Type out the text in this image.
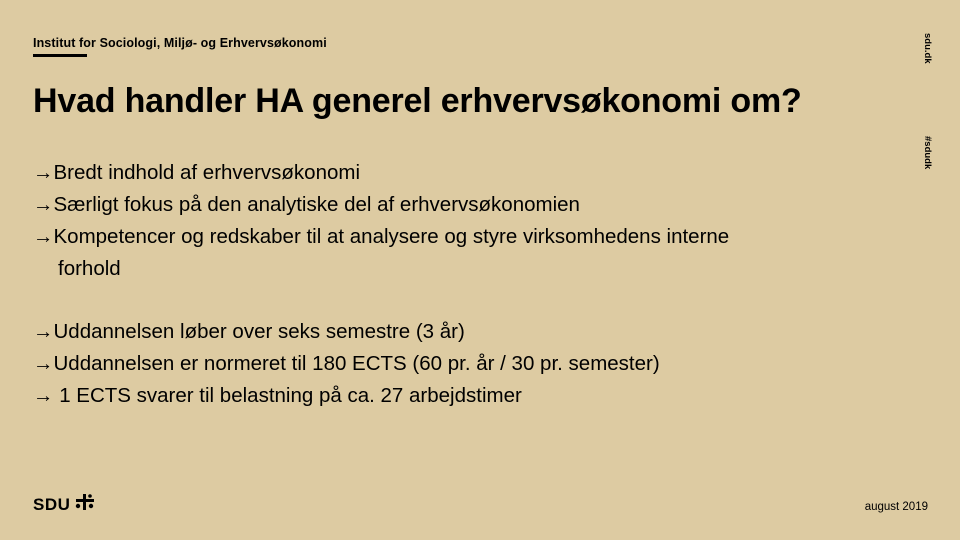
Institut for Sociologi, Miljø- og Erhvervsøkonomi	sdu.dk
#sdudk
Hvad handler HA generel erhvervsøkonomi om?
→Bredt indhold af erhvervsøkonomi
→Særligt fokus på den analytiske del af erhvervsøkonomien
→Kompetencer og redskaber til at analysere og styre virksomhedens interne
forhold
→Uddannelsen løber over seks semestre (3 år)
→Uddannelsen er normeret til 180 ECTS (60 pr. år / 30 pr. semester)
→ 1 ECTS svarer til belastning på ca. 27 arbejdstimer
SDU	august 2019
